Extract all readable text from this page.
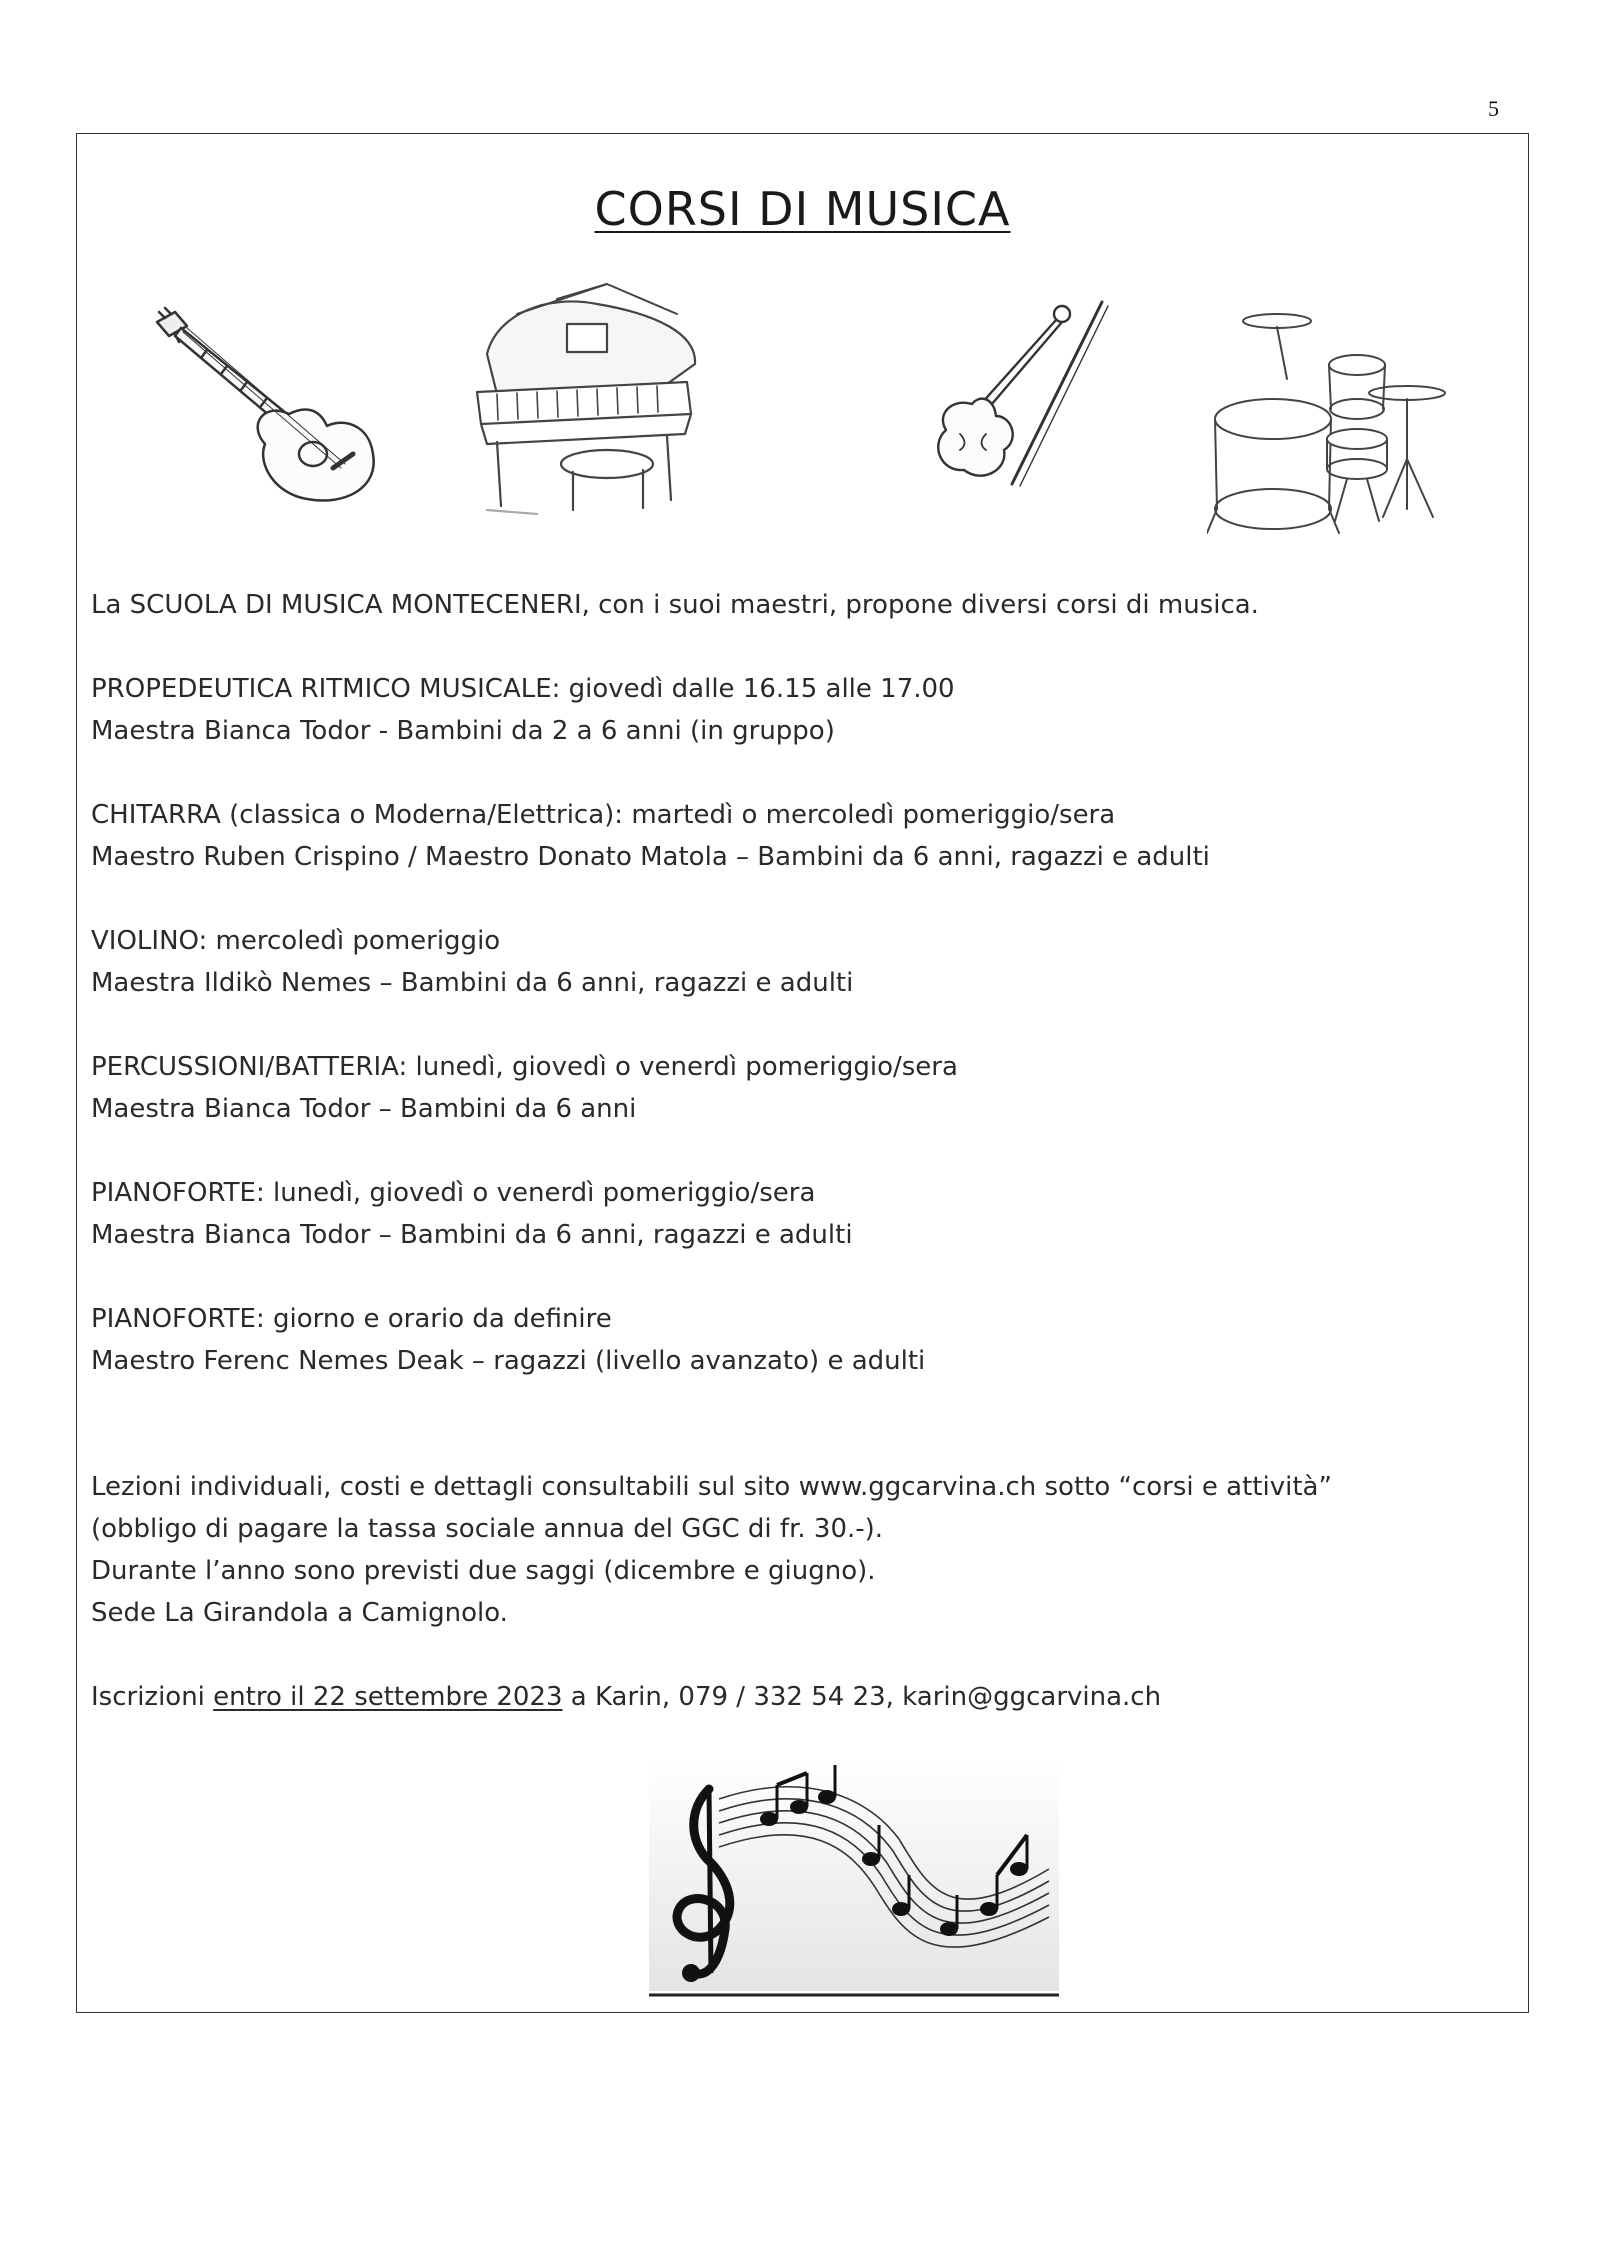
5
CORSI DI MUSICA

La SCUOLA DI MUSICA MONTECENERI, con i suoi maestri, propone diversi corsi di musica.

PROPEDEUTICA RITMICO MUSICALE: giovedì dalle 16.15 alle 17.00

Maestra Bianca Todor - Bambini da 2 a 6 anni (in gruppo)

CHITARRA (classica o Moderna/Elettrica): martedì o mercoledì pomeriggio/sera

Maestro Ruben Crispino / Maestro Donato Matola – Bambini da 6 anni, ragazzi e adulti

VIOLINO: mercoledì pomeriggio

Maestra Ildikò Nemes – Bambini da 6 anni, ragazzi e adulti

PERCUSSIONI/BATTERIA: lunedì, giovedì o venerdì pomeriggio/sera

Maestra Bianca Todor – Bambini da 6 anni

PIANOFORTE: lunedì, giovedì o venerdì pomeriggio/sera

Maestra Bianca Todor – Bambini da 6 anni, ragazzi e adulti

PIANOFORTE: giorno e orario da definire

Maestro Ferenc Nemes Deak – ragazzi (livello avanzato) e adulti

Lezioni individuali, costi e dettagli consultabili sul sito www.ggcarvina.ch sotto “corsi e attività”

(obbligo di pagare la tassa sociale annua del GGC di fr. 30.-).

Durante l’anno sono previsti due saggi (dicembre e giugno).

Sede La Girandola a Camignolo.

Iscrizioni entro il 22 settembre 2023 a Karin, 079 / 332 54 23, karin@ggcarvina.ch
